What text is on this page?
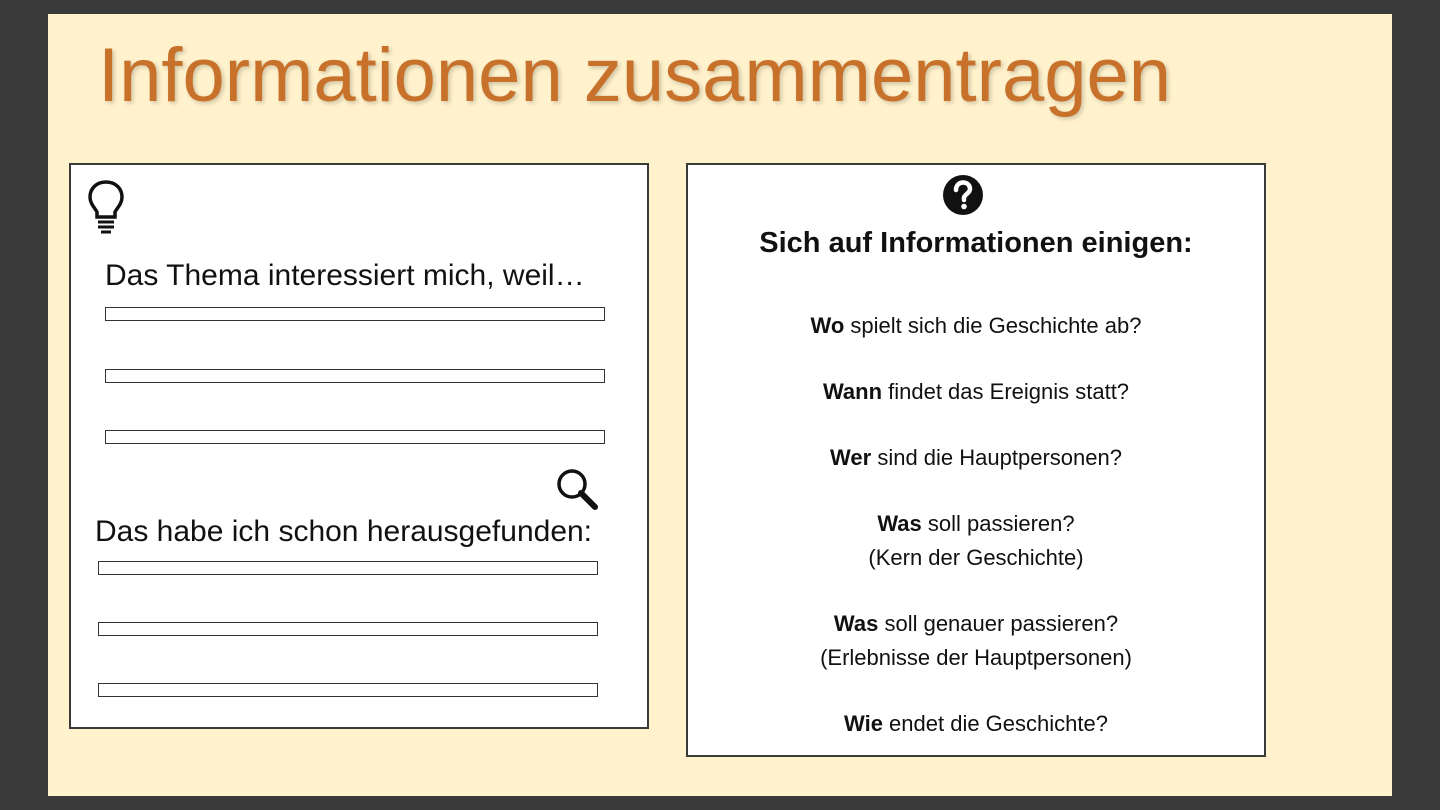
Informationen zusammentragen

Das Thema interessiert mich, weil…

Das habe ich schon herausgefunden:

Sich auf Informationen einigen:
Wo spielt sich die Geschichte ab?
Wann findet das Ereignis statt?
Wer sind die Hauptpersonen?
Was soll passieren?
(Kern der Geschichte)
Was soll genauer passieren?
(Erlebnisse der Hauptpersonen)
Wie endet die Geschichte?
